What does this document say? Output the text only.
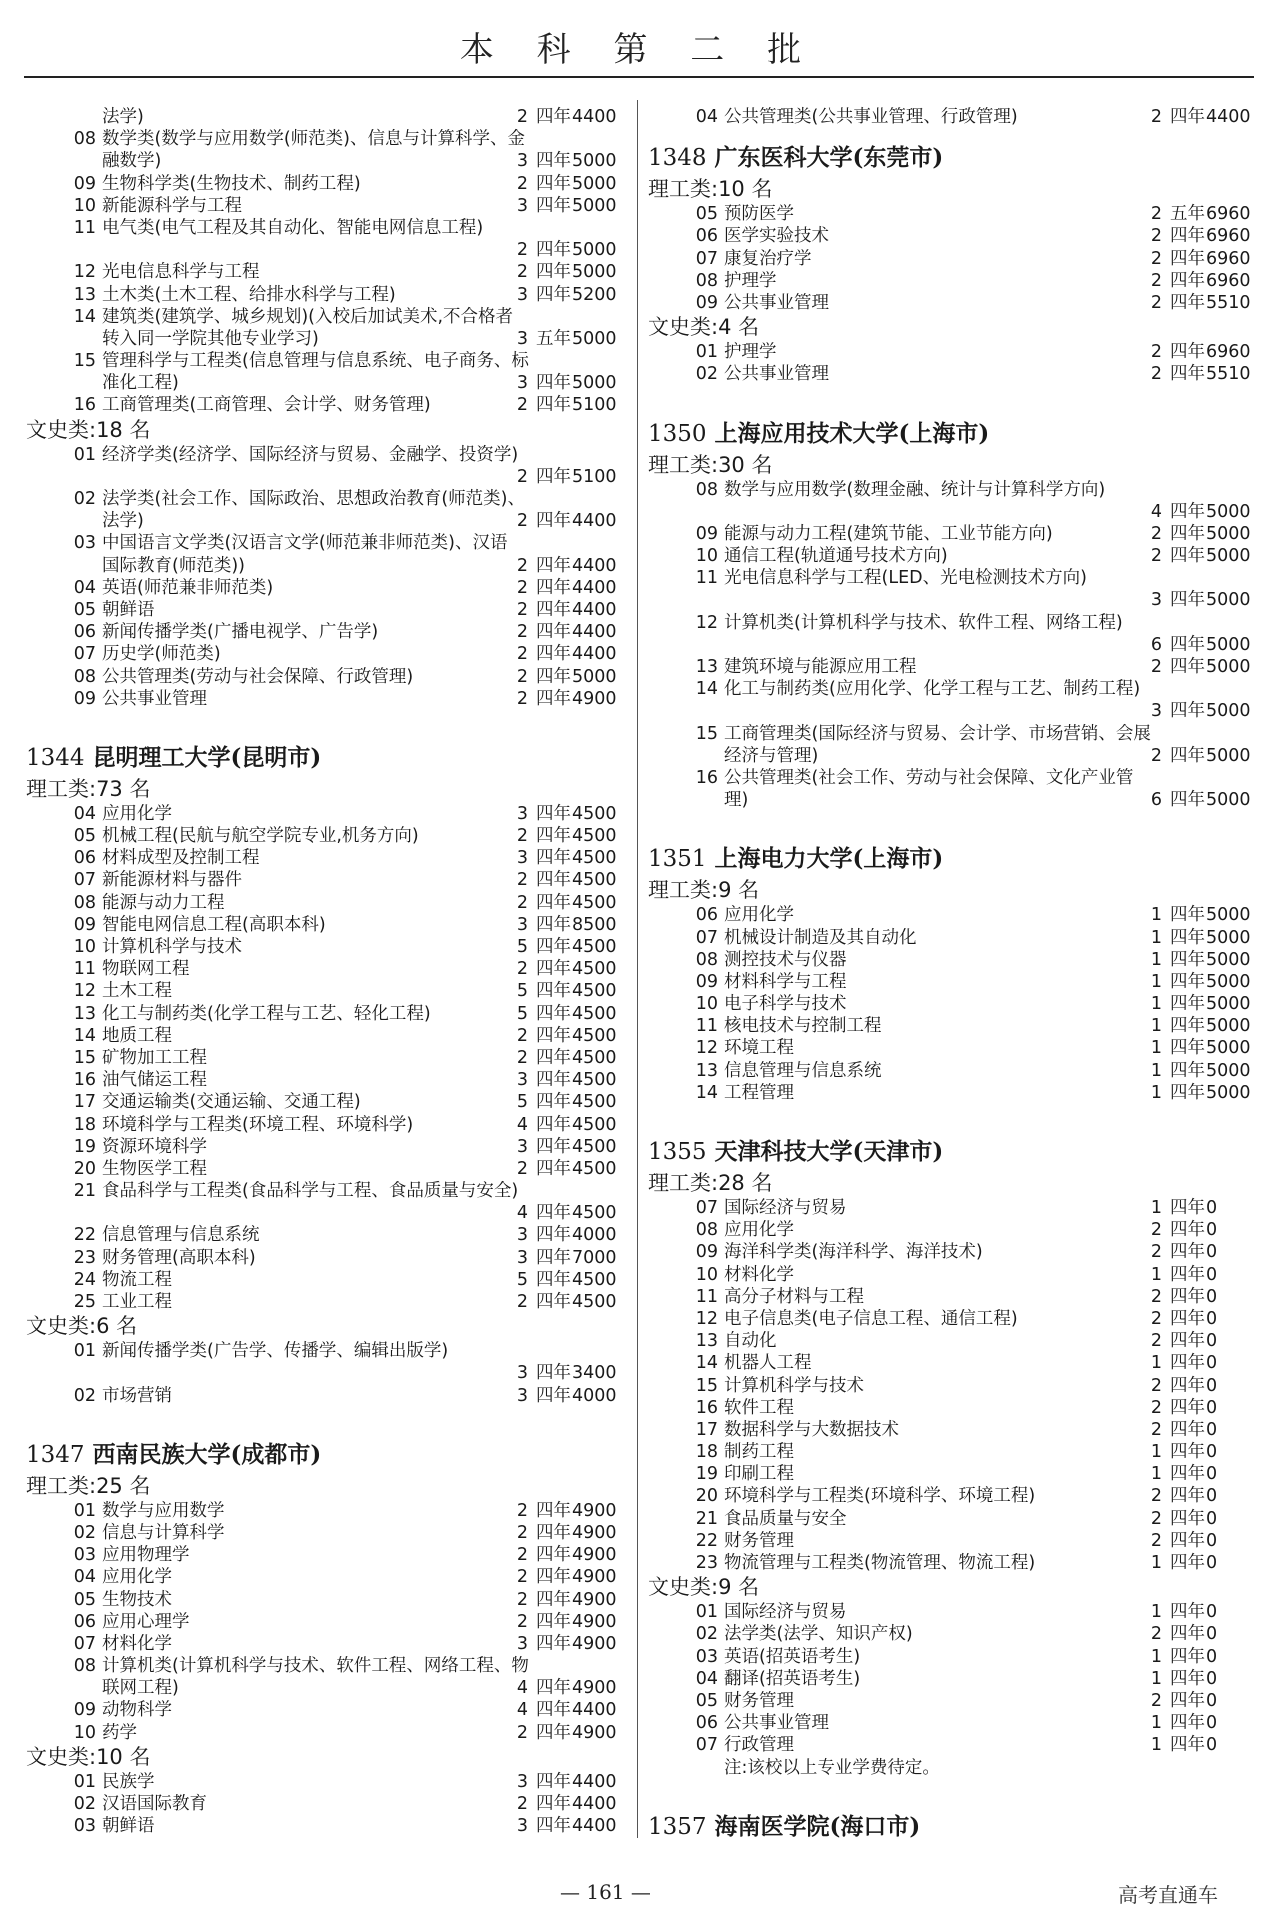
本 科 第 二 批
法学)	2 四年 4400
08 数学类(数学与应用数学(师范类)、信息与计算科学、金
融数学)	3 四年 5000
09 生物科学类(生物技术、制药工程)	2 四年 5000
10 新能源科学与工程	3 四年 5000
11 电气类(电气工程及其自动化、智能电网信息工程)
2 四年 5000
12 光电信息科学与工程	2 四年 5000
13 土木类(土木工程、给排水科学与工程)	3 四年 5200
14 建筑类(建筑学、城乡规划)(入校后加试美术,不合格者
转入同一学院其他专业学习)	3 五年 5000
15 管理科学与工程类(信息管理与信息系统、电子商务、标
准化工程)	3 四年 5000
16 工商管理类(工商管理、会计学、财务管理)	2 四年 5100
文史类:18 名
01 经济学类(经济学、国际经济与贸易、金融学、投资学)
2 四年 5100
02 法学类(社会工作、国际政治、思想政治教育(师范类)、
法学)	2 四年 4400
03 中国语言文学类(汉语言文学(师范兼非师范类)、汉语
国际教育(师范类))	2 四年 4400
04 英语(师范兼非师范类)	2 四年 4400
05 朝鲜语	2 四年 4400
06 新闻传播学类(广播电视学、广告学)	2 四年 4400
07 历史学(师范类)	2 四年 4400
08 公共管理类(劳动与社会保障、行政管理)	2 四年 5000
09 公共事业管理	2 四年 4900
1344 昆明理工大学(昆明市)
理工类:73 名
04 应用化学	3 四年 4500
05 机械工程(民航与航空学院专业,机务方向)	2 四年 4500
06 材料成型及控制工程	3 四年 4500
07 新能源材料与器件	2 四年 4500
08 能源与动力工程	2 四年 4500
09 智能电网信息工程(高职本科)	3 四年 8500
10 计算机科学与技术	5 四年 4500
11 物联网工程	2 四年 4500
12 土木工程	5 四年 4500
13 化工与制药类(化学工程与工艺、轻化工程)	5 四年 4500
14 地质工程	2 四年 4500
15 矿物加工工程	2 四年 4500
16 油气储运工程	3 四年 4500
17 交通运输类(交通运输、交通工程)	5 四年 4500
18 环境科学与工程类(环境工程、环境科学)	4 四年 4500
19 资源环境科学	3 四年 4500
20 生物医学工程	2 四年 4500
21 食品科学与工程类(食品科学与工程、食品质量与安全)
4 四年 4500
22 信息管理与信息系统	3 四年 4000
23 财务管理(高职本科)	3 四年 7000
24 物流工程	5 四年 4500
25 工业工程	2 四年 4500
文史类:6 名
01 新闻传播学类(广告学、传播学、编辑出版学)
3 四年 3400
02 市场营销	3 四年 4000
1347 西南民族大学(成都市)
理工类:25 名
01 数学与应用数学	2 四年 4900
02 信息与计算科学	2 四年 4900
03 应用物理学	2 四年 4900
04 应用化学	2 四年 4900
05 生物技术	2 四年 4900
06 应用心理学	2 四年 4900
07 材料化学	3 四年 4900
08 计算机类(计算机科学与技术、软件工程、网络工程、物
联网工程)	4 四年 4900
09 动物科学	4 四年 4400
10 药学	2 四年 4900
文史类:10 名
01 民族学	3 四年 4400
02 汉语国际教育	2 四年 4400
03 朝鲜语	3 四年 4400
04 公共管理类(公共事业管理、行政管理)	2 四年 4400
1348 广东医科大学(东莞市)
理工类:10 名
05 预防医学	2 五年 6960
06 医学实验技术	2 四年 6960
07 康复治疗学	2 四年 6960
08 护理学	2 四年 6960
09 公共事业管理	2 四年 5510
文史类:4 名
01 护理学	2 四年 6960
02 公共事业管理	2 四年 5510
1350 上海应用技术大学(上海市)
理工类:30 名
08 数学与应用数学(数理金融、统计与计算科学方向)
4 四年 5000
09 能源与动力工程(建筑节能、工业节能方向)	2 四年 5000
10 通信工程(轨道通号技术方向)	2 四年 5000
11 光电信息科学与工程(LED、光电检测技术方向)
3 四年 5000
12 计算机类(计算机科学与技术、软件工程、网络工程)
6 四年 5000
13 建筑环境与能源应用工程	2 四年 5000
14 化工与制药类(应用化学、化学工程与工艺、制药工程)
3 四年 5000
15 工商管理类(国际经济与贸易、会计学、市场营销、会展
经济与管理)	2 四年 5000
16 公共管理类(社会工作、劳动与社会保障、文化产业管
理)	6 四年 5000
1351 上海电力大学(上海市)
理工类:9 名
06 应用化学	1 四年 5000
07 机械设计制造及其自动化	1 四年 5000
08 测控技术与仪器	1 四年 5000
09 材料科学与工程	1 四年 5000
10 电子科学与技术	1 四年 5000
11 核电技术与控制工程	1 四年 5000
12 环境工程	1 四年 5000
13 信息管理与信息系统	1 四年 5000
14 工程管理	1 四年 5000
1355 天津科技大学(天津市)
理工类:28 名
07 国际经济与贸易	1 四年 0
08 应用化学	2 四年 0
09 海洋科学类(海洋科学、海洋技术)	2 四年 0
10 材料化学	1 四年 0
11 高分子材料与工程	2 四年 0
12 电子信息类(电子信息工程、通信工程)	2 四年 0
13 自动化	2 四年 0
14 机器人工程	1 四年 0
15 计算机科学与技术	2 四年 0
16 软件工程	2 四年 0
17 数据科学与大数据技术	2 四年 0
18 制药工程	1 四年 0
19 印刷工程	1 四年 0
20 环境科学与工程类(环境科学、环境工程)	2 四年 0
21 食品质量与安全	2 四年 0
22 财务管理	2 四年 0
23 物流管理与工程类(物流管理、物流工程)	1 四年 0
文史类:9 名
01 国际经济与贸易	1 四年 0
02 法学类(法学、知识产权)	2 四年 0
03 英语(招英语考生)	1 四年 0
04 翻译(招英语考生)	1 四年 0
05 财务管理	2 四年 0
06 公共事业管理	1 四年 0
07 行政管理	1 四年 0
注:该校以上专业学费待定。
1357 海南医学院(海口市)
— 161 —	高考直通车
